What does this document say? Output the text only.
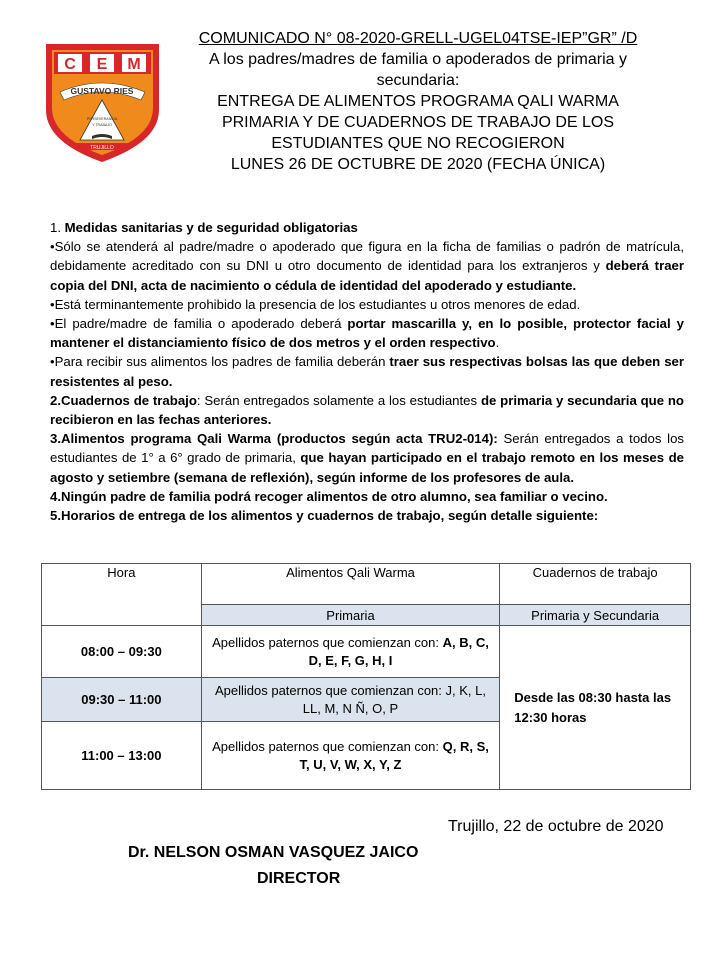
C E M
GUSTAVO RIES
PERSEVERANCIA
Y TRABAJO
TRUJILLO
COMUNICADO N° 08-2020-GRELL-UGEL04TSE-IEP”GR” /D
A los padres/madres de familia o apoderados de primaria y secundaria:
ENTREGA DE ALIMENTOS PROGRAMA QALI WARMA
PRIMARIA Y DE CUADERNOS DE TRABAJO DE LOS
ESTUDIANTES QUE NO RECOGIERON
LUNES 26 DE OCTUBRE DE 2020 (FECHA ÚNICA)

1. Medidas sanitarias y de seguridad obligatorias

•Sólo se atenderá al padre/madre o apoderado que figura en la ficha de familias o padrón de matrícula, debidamente acreditado con su DNI u otro documento de identidad para los extranjeros y deberá traer copia del DNI, acta de nacimiento o cédula de identidad del apoderado y estudiante.

•Está terminantemente prohibido la presencia de los estudiantes u otros menores de edad.

•El padre/madre de familia o apoderado deberá portar mascarilla y, en lo posible, protector facial y mantener el distanciamiento físico de dos metros y el orden respectivo.

•Para recibir sus alimentos los padres de familia deberán traer sus respectivas bolsas las que deben ser resistentes al peso.

2.Cuadernos de trabajo: Serán entregados solamente a los estudiantes de primaria y secundaria que no recibieron en las fechas anteriores.

3.Alimentos programa Qali Warma (productos según acta TRU2-014): Serán entregados a todos los estudiantes de 1° a 6° grado de primaria, que hayan participado en el trabajo remoto en los meses de agosto y setiembre (semana de reflexión), según informe de los profesores de aula.

4.Ningún padre de familia podrá recoger alimentos de otro alumno, sea familiar o vecino.

5.Horarios de entrega de los alimentos y cuadernos de trabajo, según detalle siguiente:

Hora	Alimentos Qali Warma	Cuadernos de trabajo
	Primaria	Primaria y Secundaria
08:00 – 09:30	Apellidos paternos que comienzan con: A, B, C, D, E, F, G, H, I	Desde las 08:30 hasta las 12:30 horas
09:30 – 11:00	Apellidos paternos que comienzan con: J, K, L, LL, M, N Ñ, O, P	
11:00 – 13:00	Apellidos paternos que comienzan con: Q, R, S, T, U, V, W, X, Y, Z	
Trujillo, 22 de octubre de 2020
Dr. NELSON OSMAN VASQUEZ JAICO
DIRECTOR
